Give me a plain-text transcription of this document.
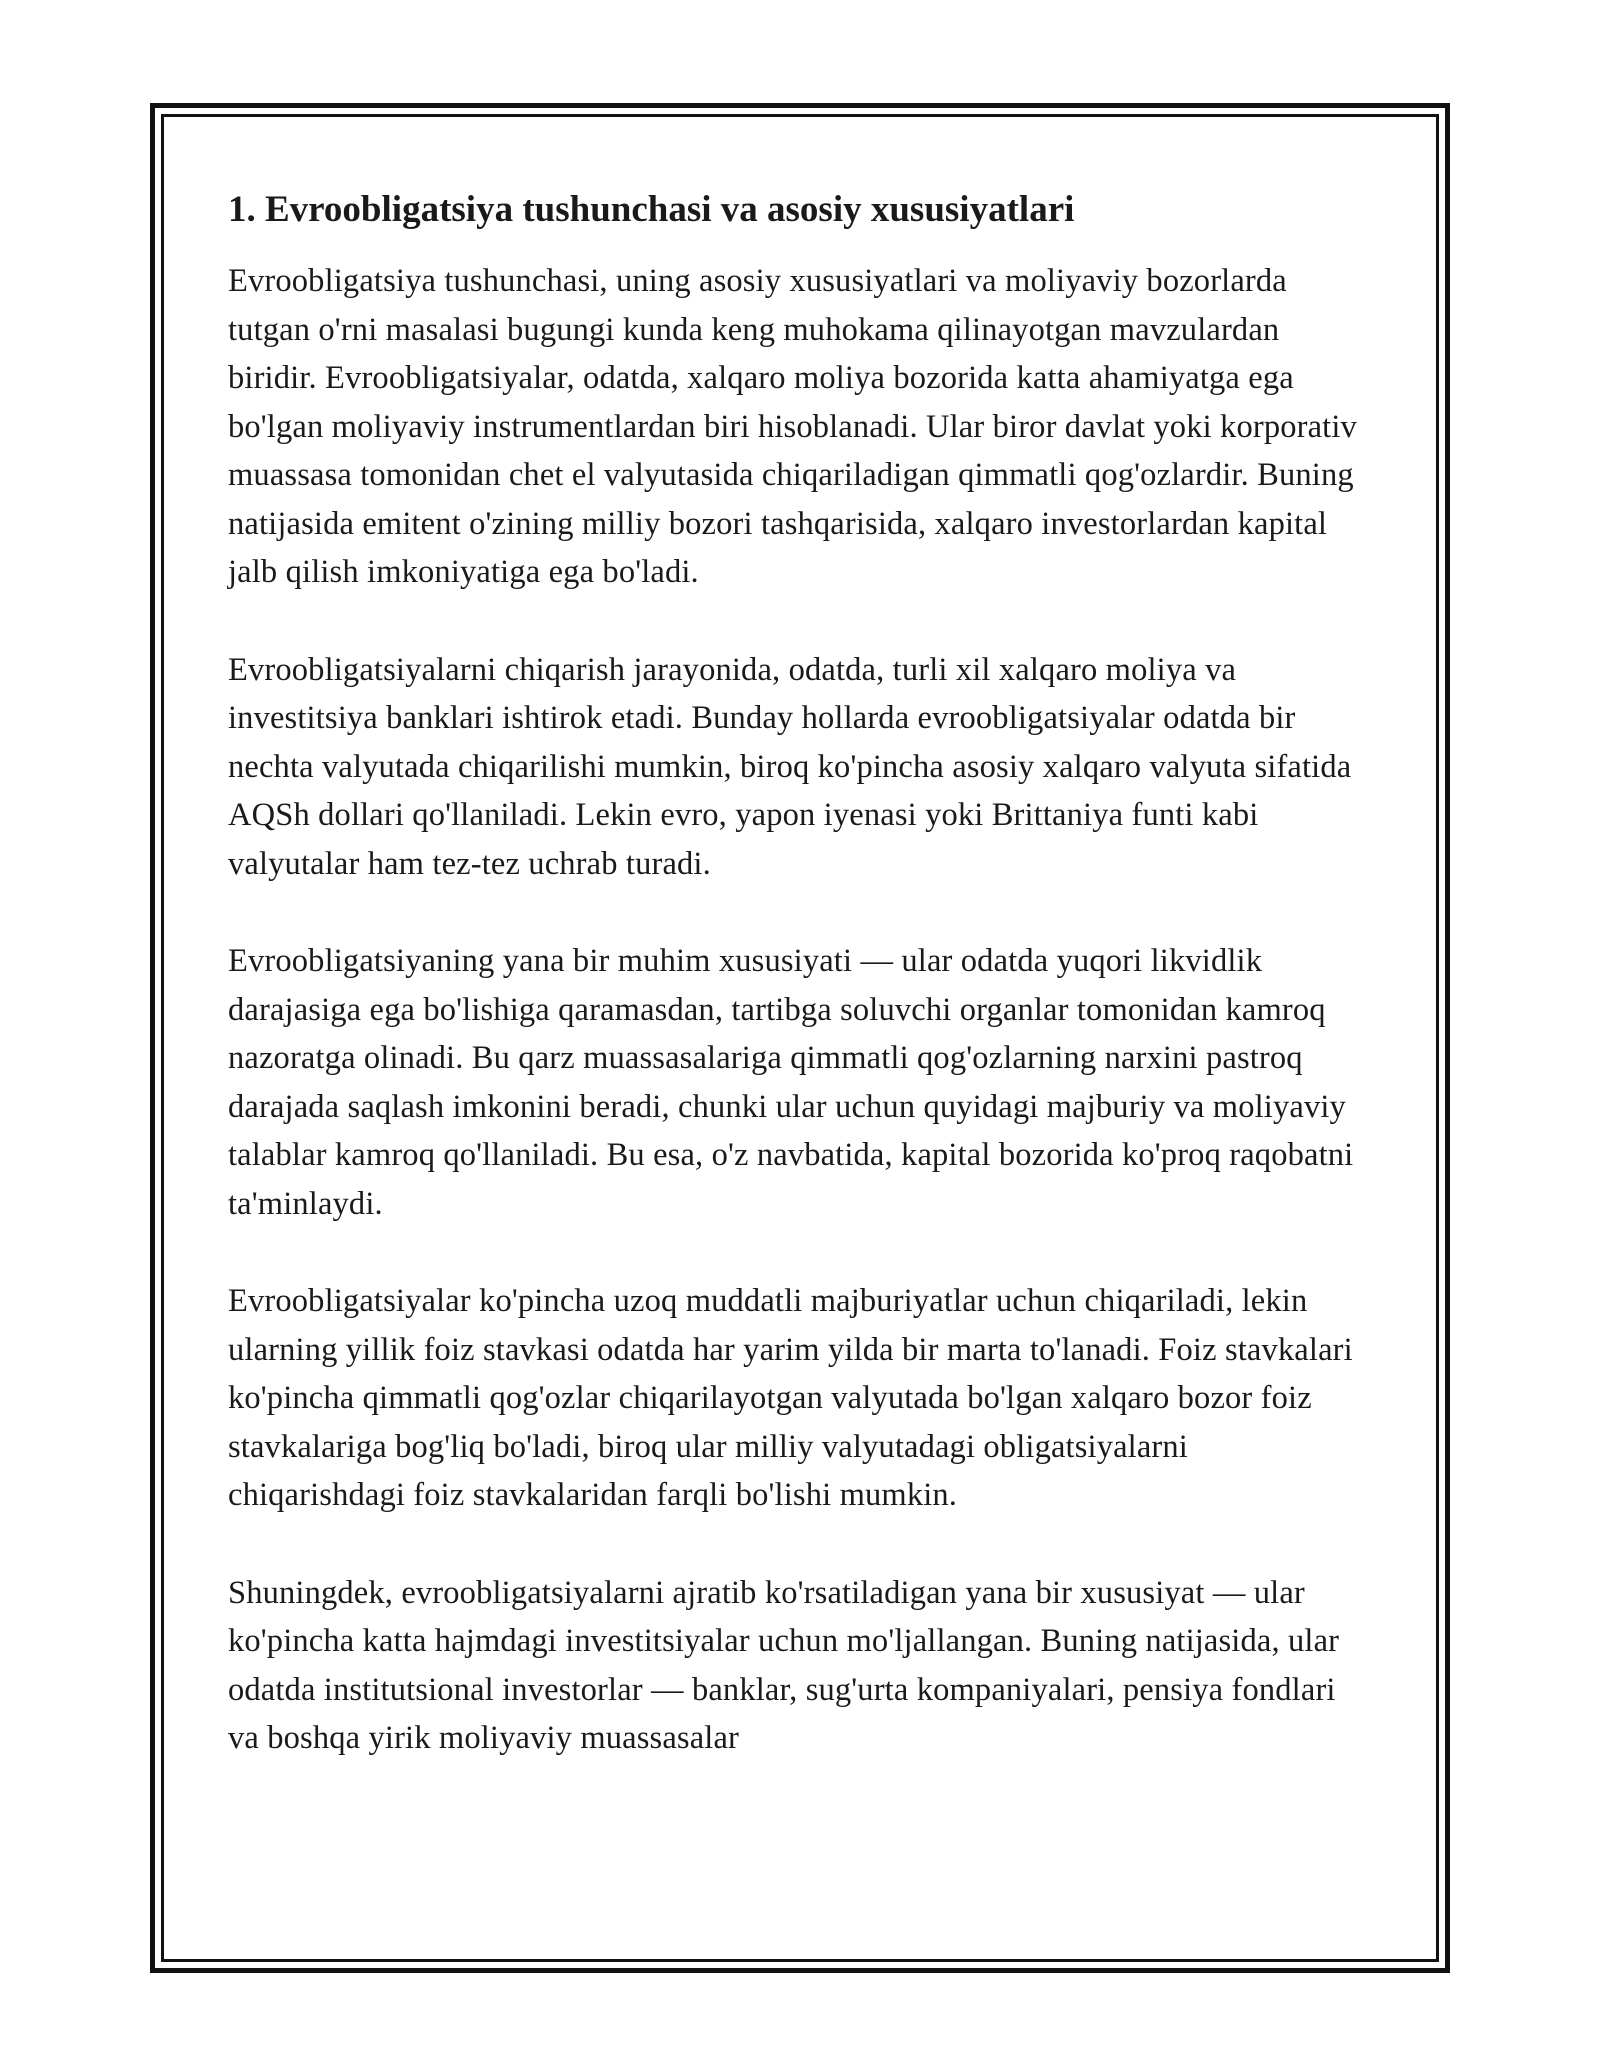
1. Evroobligatsiya tushunchasi va asosiy xususiyatlari

Evroobligatsiya tushunchasi, uning asosiy xususiyatlari va moliyaviy bozorlarda tutgan o'rni masalasi bugungi kunda keng muhokama qilinayotgan mavzulardan biridir. Evroobligatsiyalar, odatda, xalqaro moliya bozorida katta ahamiyatga ega bo'lgan moliyaviy instrumentlardan biri hisoblanadi. Ular biror davlat yoki korporativ muassasa tomonidan chet el valyutasida chiqariladigan qimmatli qog'ozlardir. Buning natijasida emitent o'zining milliy bozori tashqarisida, xalqaro investorlardan kapital jalb qilish imkoniyatiga ega bo'ladi.

Evroobligatsiyalarni chiqarish jarayonida, odatda, turli xil xalqaro moliya va investitsiya banklari ishtirok etadi. Bunday hollarda evroobligatsiyalar odatda bir nechta valyutada chiqarilishi mumkin, biroq ko'pincha asosiy xalqaro valyuta sifatida AQSh dollari qo'llaniladi. Lekin evro, yapon iyenasi yoki Brittaniya funti kabi valyutalar ham tez-tez uchrab turadi.

Evroobligatsiyaning yana bir muhim xususiyati — ular odatda yuqori likvidlik darajasiga ega bo'lishiga qaramasdan, tartibga soluvchi organlar tomonidan kamroq nazoratga olinadi. Bu qarz muassasalariga qimmatli qog'ozlarning narxini pastroq darajada saqlash imkonini beradi, chunki ular uchun quyidagi majburiy va moliyaviy talablar kamroq qo'llaniladi. Bu esa, o'z navbatida, kapital bozorida ko'proq raqobatni ta'minlaydi.

Evroobligatsiyalar ko'pincha uzoq muddatli majburiyatlar uchun chiqariladi, lekin ularning yillik foiz stavkasi odatda har yarim yilda bir marta to'lanadi. Foiz stavkalari ko'pincha qimmatli qog'ozlar chiqarilayotgan valyutada bo'lgan xalqaro bozor foiz stavkalariga bog'liq bo'ladi, biroq ular milliy valyutadagi obligatsiyalarni chiqarishdagi foiz stavkalaridan farqli bo'lishi mumkin.

Shuningdek, evroobligatsiyalarni ajratib ko'rsatiladigan yana bir xususiyat — ular ko'pincha katta hajmdagi investitsiyalar uchun mo'ljallangan. Buning natijasida, ular odatda institutsional investorlar — banklar, sug'urta kompaniyalari, pensiya fondlari va boshqa yirik moliyaviy muassasalar
